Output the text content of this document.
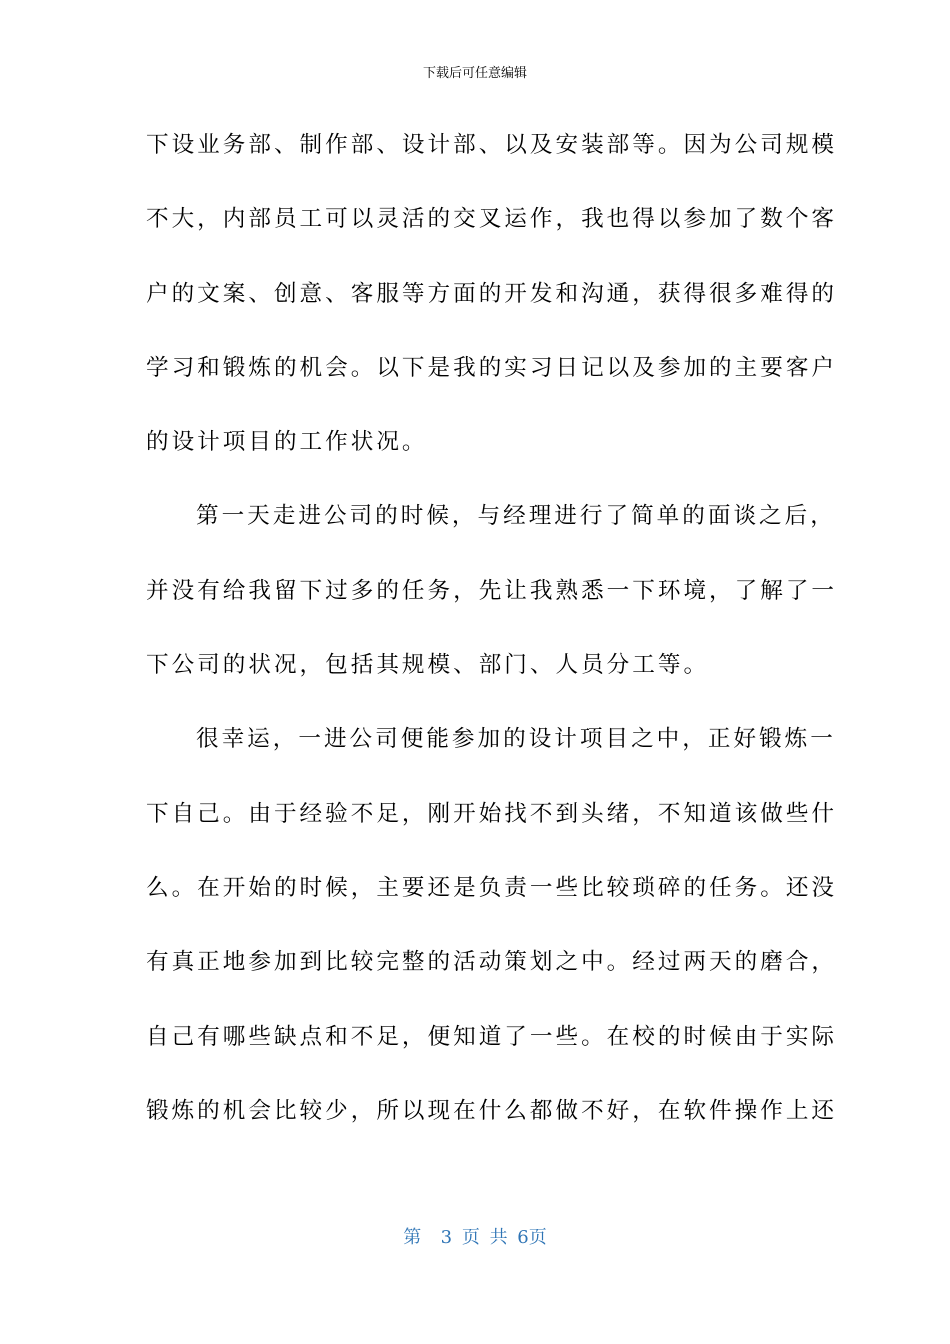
下载后可任意编辑
下设业务部、制作部、设计部、以及安装部等。因为公司规模
不大，内部员工可以灵活的交叉运作，我也得以参加了数个客
户的文案、创意、客服等方面的开发和沟通，获得很多难得的
学习和锻炼的机会。以下是我的实习日记以及参加的主要客户
的设计项目的工作状况。
第一天走进公司的时候，与经理进行了简单的面谈之后，
并没有给我留下过多的任务，先让我熟悉一下环境，了解了一
下公司的状况，包括其规模、部门、人员分工等。
很幸运，一进公司便能参加的设计项目之中，正好锻炼一
下自己。由于经验不足，刚开始找不到头绪，不知道该做些什
么。在开始的时候，主要还是负责一些比较琐碎的任务。还没
有真正地参加到比较完整的活动策划之中。经过两天的磨合，
自己有哪些缺点和不足，便知道了一些。在校的时候由于实际
锻炼的机会比较少，所以现在什么都做不好，在软件操作上还
第  3 页 共 6页
